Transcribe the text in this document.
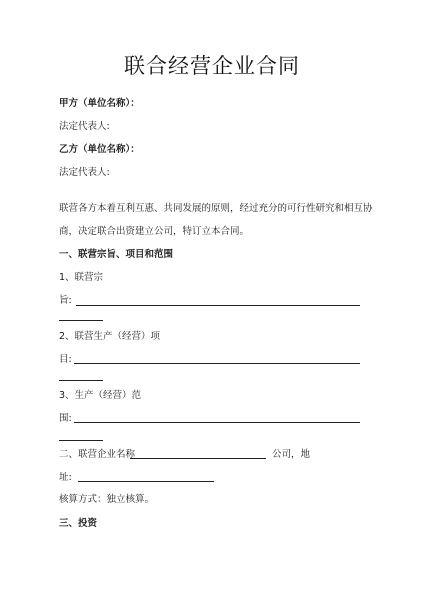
联合经营企业合同
甲方（单位名称）：
法定代表人:
乙方（单位名称）：
法定代表人:
联营各方本着互利互惠、共同发展的原则，经过充分的可行性研究和相互协
商，决定联合出资建立公司，特订立本合同。
一、联营宗旨、项目和范围
1、联营宗
旨:
2、联营生产（经营）项
目:
3、生产（经营）范
围:
二、联营企业名称	公司，地
址:
核算方式：独立核算。
三、投资
